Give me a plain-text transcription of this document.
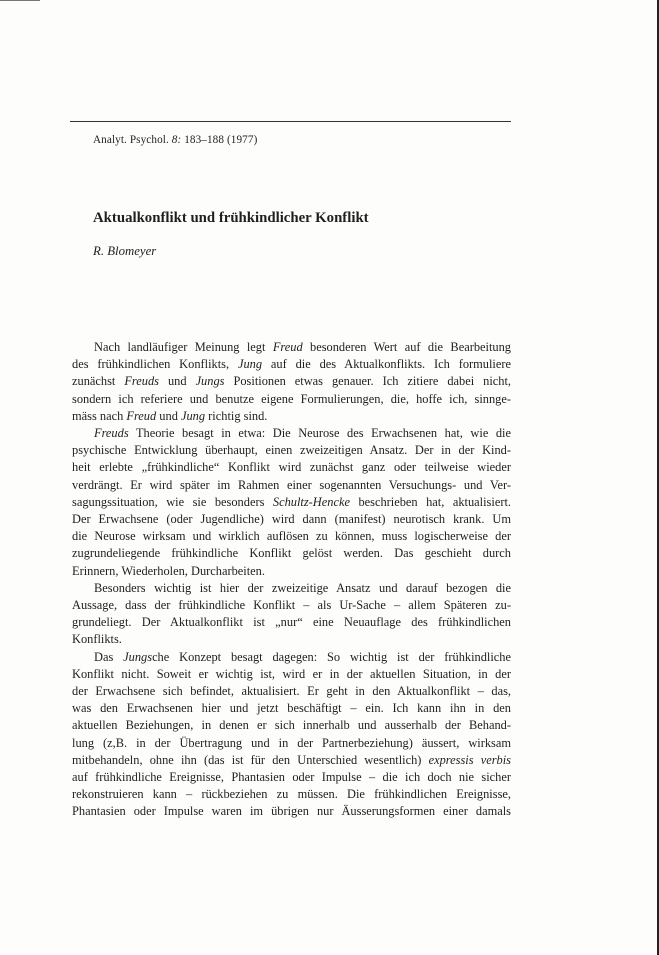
Analyt. Psychol. 8: 183–188 (1977)
Aktualkonflikt und frühkindlicher Konflikt
R. Blomeyer

Nach landläufiger Meinung legt Freud besonderen Wert auf die Bearbeitung
des frühkindlichen Konflikts, Jung auf die des Aktualkonflikts. Ich formuliere
zunächst Freuds und Jungs Positionen etwas genauer. Ich zitiere dabei nicht,
sondern ich referiere und benutze eigene Formulierungen, die, hoffe ich, sinnge-
mäss nach Freud und Jung richtig sind.

Freuds Theorie besagt in etwa: Die Neurose des Erwachsenen hat, wie die
psychische Entwicklung überhaupt, einen zweizeitigen Ansatz. Der in der Kind-
heit erlebte „frühkindliche“ Konflikt wird zunächst ganz oder teilweise wieder
verdrängt. Er wird später im Rahmen einer sogenannten Versuchungs- und Ver-
sagungssituation, wie sie besonders Schultz-Hencke beschrieben hat, aktualisiert.
Der Erwachsene (oder Jugendliche) wird dann (manifest) neurotisch krank. Um
die Neurose wirksam und wirklich auflösen zu können, muss logischerweise der
zugrundeliegende frühkindliche Konflikt gelöst werden. Das geschieht durch
Erinnern, Wiederholen, Durcharbeiten.

Besonders wichtig ist hier der zweizeitige Ansatz und darauf bezogen die
Aussage, dass der frühkindliche Konflikt – als Ur-Sache – allem Späteren zu-
grundeliegt. Der Aktualkonflikt ist „nur“ eine Neuauflage des frühkindlichen
Konflikts.

Das Jungsche Konzept besagt dagegen: So wichtig ist der frühkindliche
Konflikt nicht. Soweit er wichtig ist, wird er in der aktuellen Situation, in der
der Erwachsene sich befindet, aktualisiert. Er geht in den Aktualkonflikt – das,
was den Erwachsenen hier und jetzt beschäftigt – ein. Ich kann ihn in den
aktuellen Beziehungen, in denen er sich innerhalb und ausserhalb der Behand-
lung (z,B. in der Übertragung und in der Partnerbeziehung) äussert, wirksam
mitbehandeln, ohne ihn (das ist für den Unterschied wesentlich) expressis verbis
auf frühkindliche Ereignisse, Phantasien oder Impulse – die ich doch nie sicher
rekonstruieren kann – rückbeziehen zu müssen. Die frühkindlichen Ereignisse,
Phantasien oder Impulse waren im übrigen nur Äusserungsformen einer damals
